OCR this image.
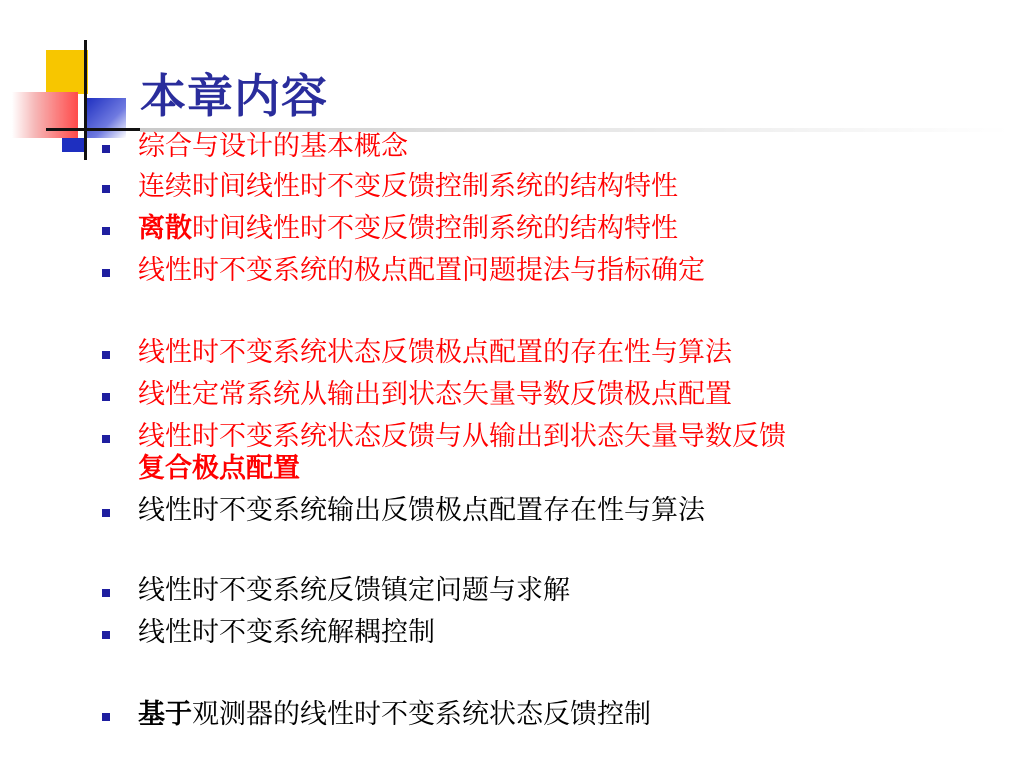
本章内容
综合与设计的基本概念
连续时间线性时不变反馈控制系统的结构特性
离散时间线性时不变反馈控制系统的结构特性
线性时不变系统的极点配置问题提法与指标确定
线性时不变系统状态反馈极点配置的存在性与算法
线性定常系统从输出到状态矢量导数反馈极点配置
线性时不变系统状态反馈与从输出到状态矢量导数反馈
复合极点配置
线性时不变系统输出反馈极点配置存在性与算法
线性时不变系统反馈镇定问题与求解
线性时不变系统解耦控制
基于观测器的线性时不变系统状态反馈控制
